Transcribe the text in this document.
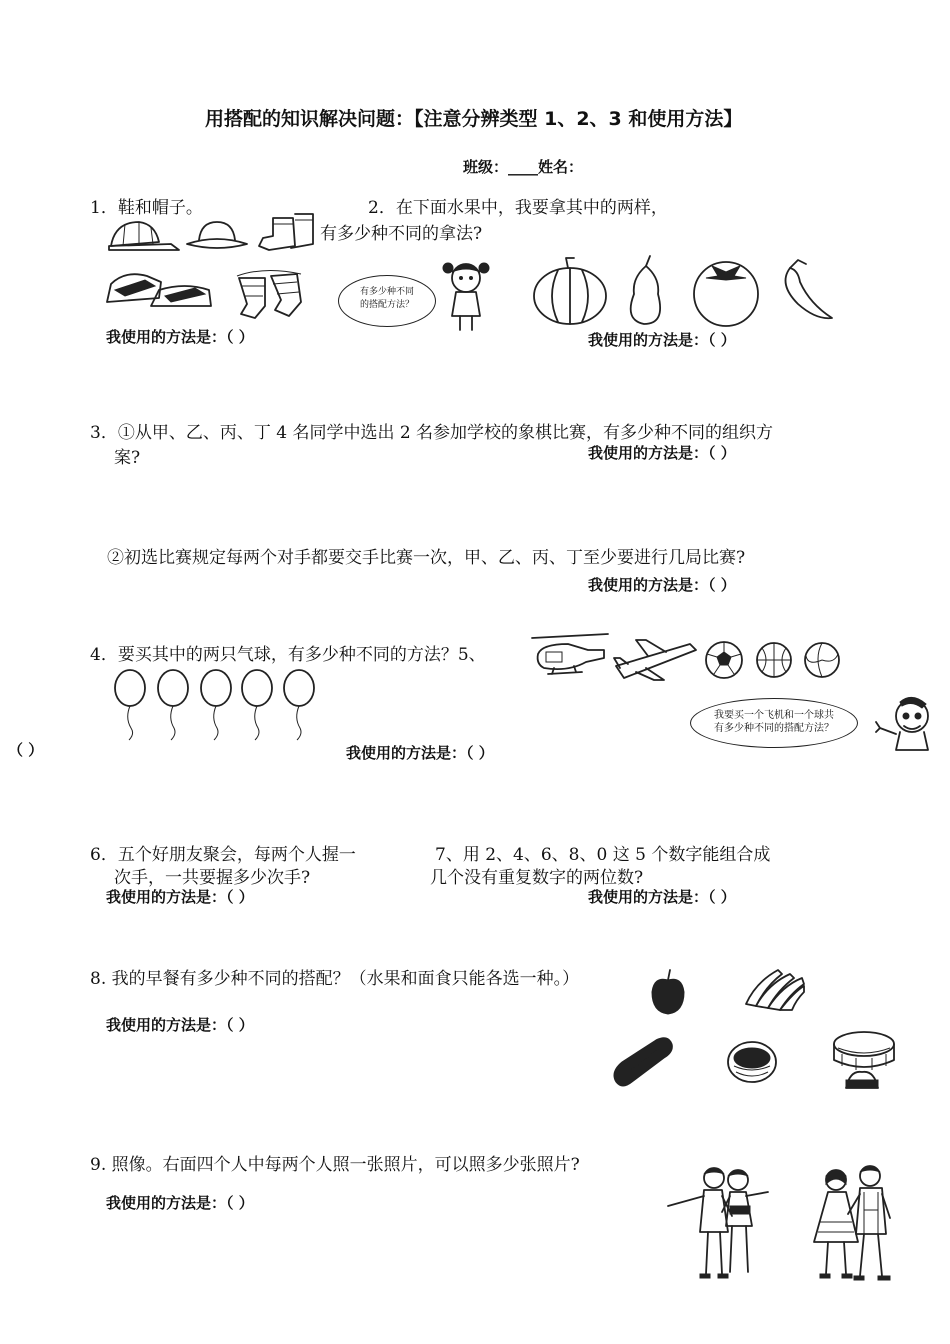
用搭配的知识解决问题：【注意分辨类型 1、2、3 和使用方法】
班级：____姓名：
1．鞋和帽子。
有多少种不同
的搭配方法？
我使用的方法是：（ ）
2．在下面水果中，我要拿其中的两样，
有多少种不同的拿法?
我使用的方法是：（ ）
3．①从甲、乙、丙、丁 4 名同学中选出 2 名参加学校的象棋比赛，有多少种不同的组织方
案?	我使用的方法是：（ ）
②初选比赛规定每两个对手都要交手比赛一次，甲、乙、丙、丁至少要进行几局比赛?
我使用的方法是：（ ）
4．要买其中的两只气球，有多少种不同的方法？5、
我要买一个飞机和一个球共
有多少种不同的搭配方法？
（ ）	我使用的方法是：（ ）
6．五个好朋友聚会，每两个人握一
次手，一共要握多少次手?
我使用的方法是：（ ）
7、用 2、4、6、8、0 这 5 个数字能组合成
几个没有重复数字的两位数?
我使用的方法是：（ ）
8. 我的早餐有多少种不同的搭配？（水果和面食只能各选一种。）
我使用的方法是：（ ）
9. 照像。右面四个人中每两个人照一张照片，可以照多少张照片?
我使用的方法是：（ ）
